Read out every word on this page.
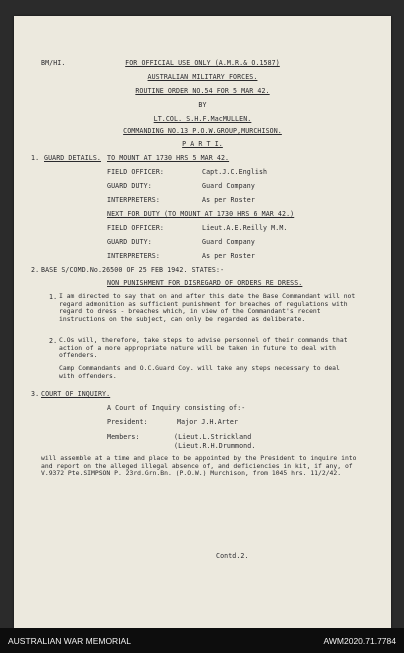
BM/HI.	FOR OFFICIAL USE ONLY (A.M.R.& O.1587)
AUSTRALIAN MILITARY FORCES.
ROUTINE ORDER NO.54 FOR 5 MAR 42.
BY
LT.COL. S.H.F.MacMULLEN.
COMMANDING NO.13 P.O.W.GROUP,MURCHISON.
P A R T I.
1. GUARD DETAILS. TO MOUNT AT 1730 HRS 5 MAR 42.
FIELD OFFICER:	Capt.J.C.English
GUARD DUTY:	Guard Company
INTERPRETERS:	As per Roster
NEXT FOR DUTY (TO MOUNT AT 1730 HRS 6 MAR 42.)
FIELD OFFICER:	Lieut.A.E.Reilly M.M.
GUARD DUTY:	Guard Company
INTERPRETERS:	As per Roster
2. BASE S/COMD.No.26500 OF 25 FEB 1942. STATES:-
NON PUNISHMENT FOR DISREGARD OF ORDERS RE DRESS.
1. I am directed to say that on and after this date the Base Commandant will not regard admonition as sufficient punishment for breaches of regulations with regard to dress - breaches which, in view of the Commandant's recent instructions on the subject, can only be regarded as deliberate.
2. C.Os will, therefore, take steps to advise personnel of their commands that action of a more appropriate nature will be taken in future to deal with offenders.
Camp Commandants and O.C.Guard Coy. will take any steps necessary to deal with offenders.
3. COURT OF INQUIRY.
A Court of Inquiry consisting of:-
President:	Major J.H.Arter
Members:	(Lieut.L.Strickland
(Lieut.R.H.Drummond.
will assemble at a time and place to be appointed by the President to inquire into and report on the alleged illegal absence of, and deficiencies in kit, if any, of V.9372 Pte.SIMPSON P. 23rd.Grn.Bn. (P.O.W.) Murchison, from 1045 hrs. 11/2/42.
Contd.2.
AUSTRALIAN WAR MEMORIAL	AWM2020.71.7784
